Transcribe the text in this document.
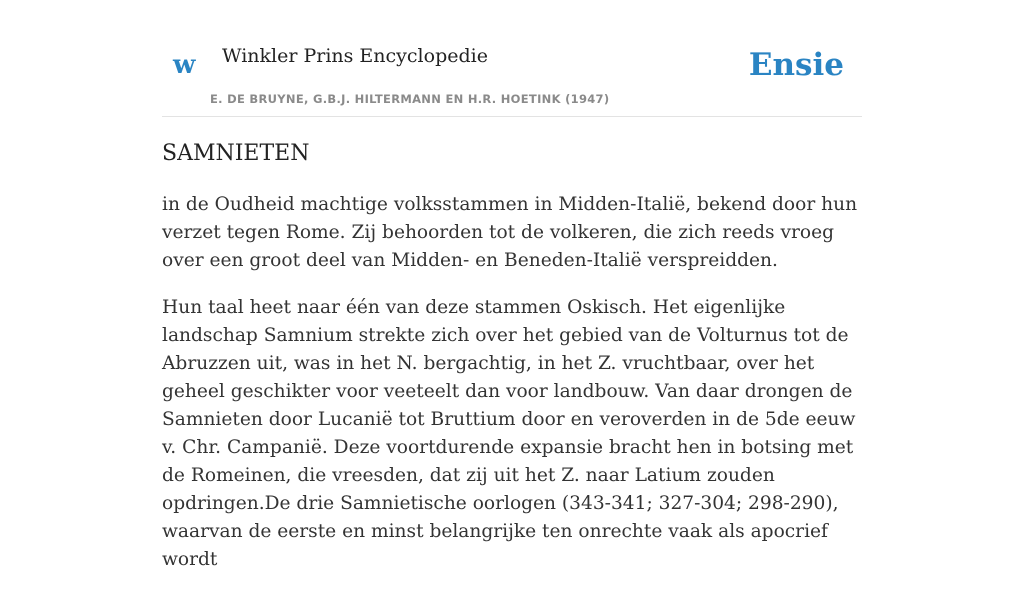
w Winkler Prins Encyclopedie
E. DE BRUYNE, G.B.J. HILTERMANN EN H.R. HOETINK (1947)
Ensie
SAMNIETEN

in de Oudheid machtige volksstammen in Midden-Italië, bekend door hun verzet tegen Rome. Zij behoorden tot de volkeren, die zich reeds vroeg over een groot deel van Midden- en Beneden-Italië verspreidden.

Hun taal heet naar één van deze stammen Oskisch. Het eigenlijke landschap Samnium strekte zich over het gebied van de Volturnus tot de Abruzzen uit, was in het N. bergachtig, in het Z. vruchtbaar, over het geheel geschikter voor veeteelt dan voor landbouw. Van daar drongen de Samnieten door Lucanië tot Bruttium door en veroverden in de 5de eeuw v. Chr. Campanië. Deze voortdurende expansie bracht hen in botsing met de Romeinen, die vreesden, dat zij uit het Z. naar Latium zouden opdringen.De drie Samnietische oorlogen (343-341; 327-304; 298-290), waarvan de eerste en minst belangrijke ten onrechte vaak als apocrief wordt
